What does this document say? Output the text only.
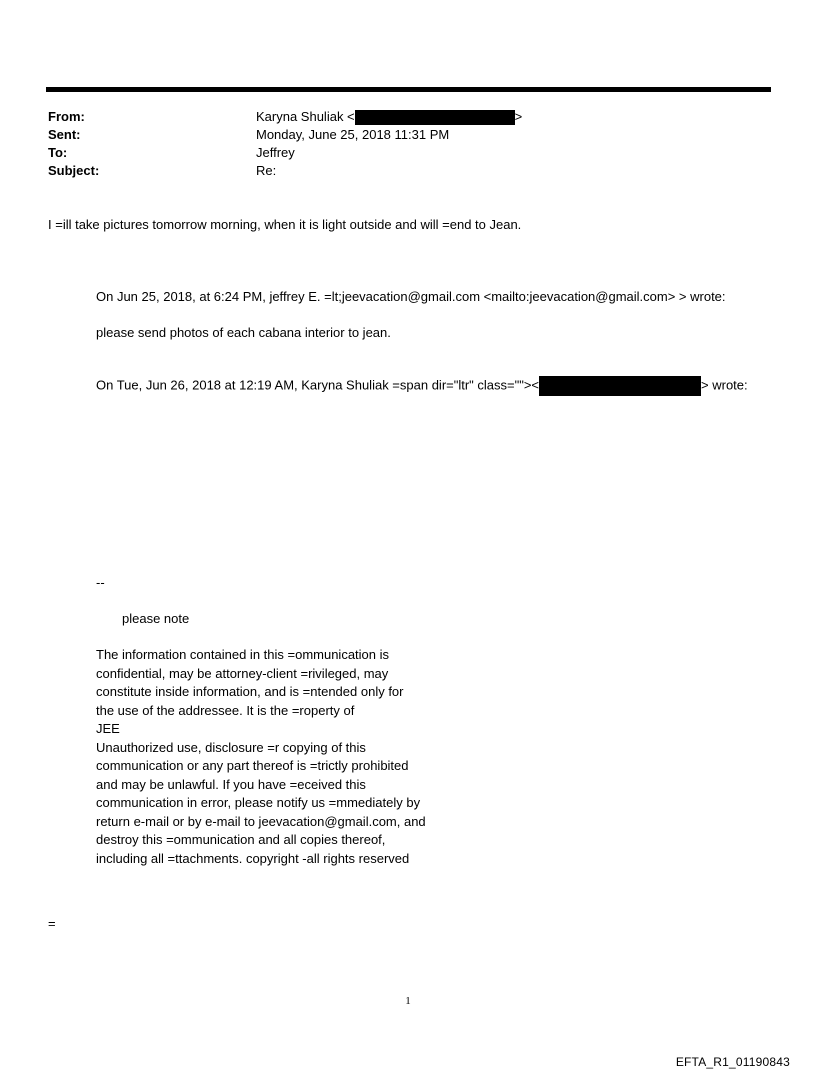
From:	Karyna Shuliak <	>
Sent:	Monday, June 25, 2018 11:31 PM
To:	Jeffrey
Subject:	Re:
I =ill take pictures tomorrow morning, when it is light outside and will =end to Jean.
On Jun 25, 2018, at 6:24 PM, jeffrey E. =lt;jeevacation@gmail.com <mailto:jeevacation@gmail.com> > wrote:
please send photos of each cabana interior to jean.
On Tue, Jun 26, 2018 at 12:19 AM, Karyna Shuliak =span dir="ltr" class=""><	> wrote:
--
please note
The information contained in this =ommunication is
confidential, may be attorney-client =rivileged, may
constitute inside information, and is =ntended only for
the use of the addressee. It is the =roperty of
JEE
Unauthorized use, disclosure =r copying of this
communication or any part thereof is =trictly prohibited
and may be unlawful. If you have =eceived this
communication in error, please notify us =mmediately by
return e-mail or by e-mail to jeevacation@gmail.com, and
destroy this =ommunication and all copies thereof,
including all =ttachments. copyright -all rights reserved
=
1
EFTA_R1_01190843
